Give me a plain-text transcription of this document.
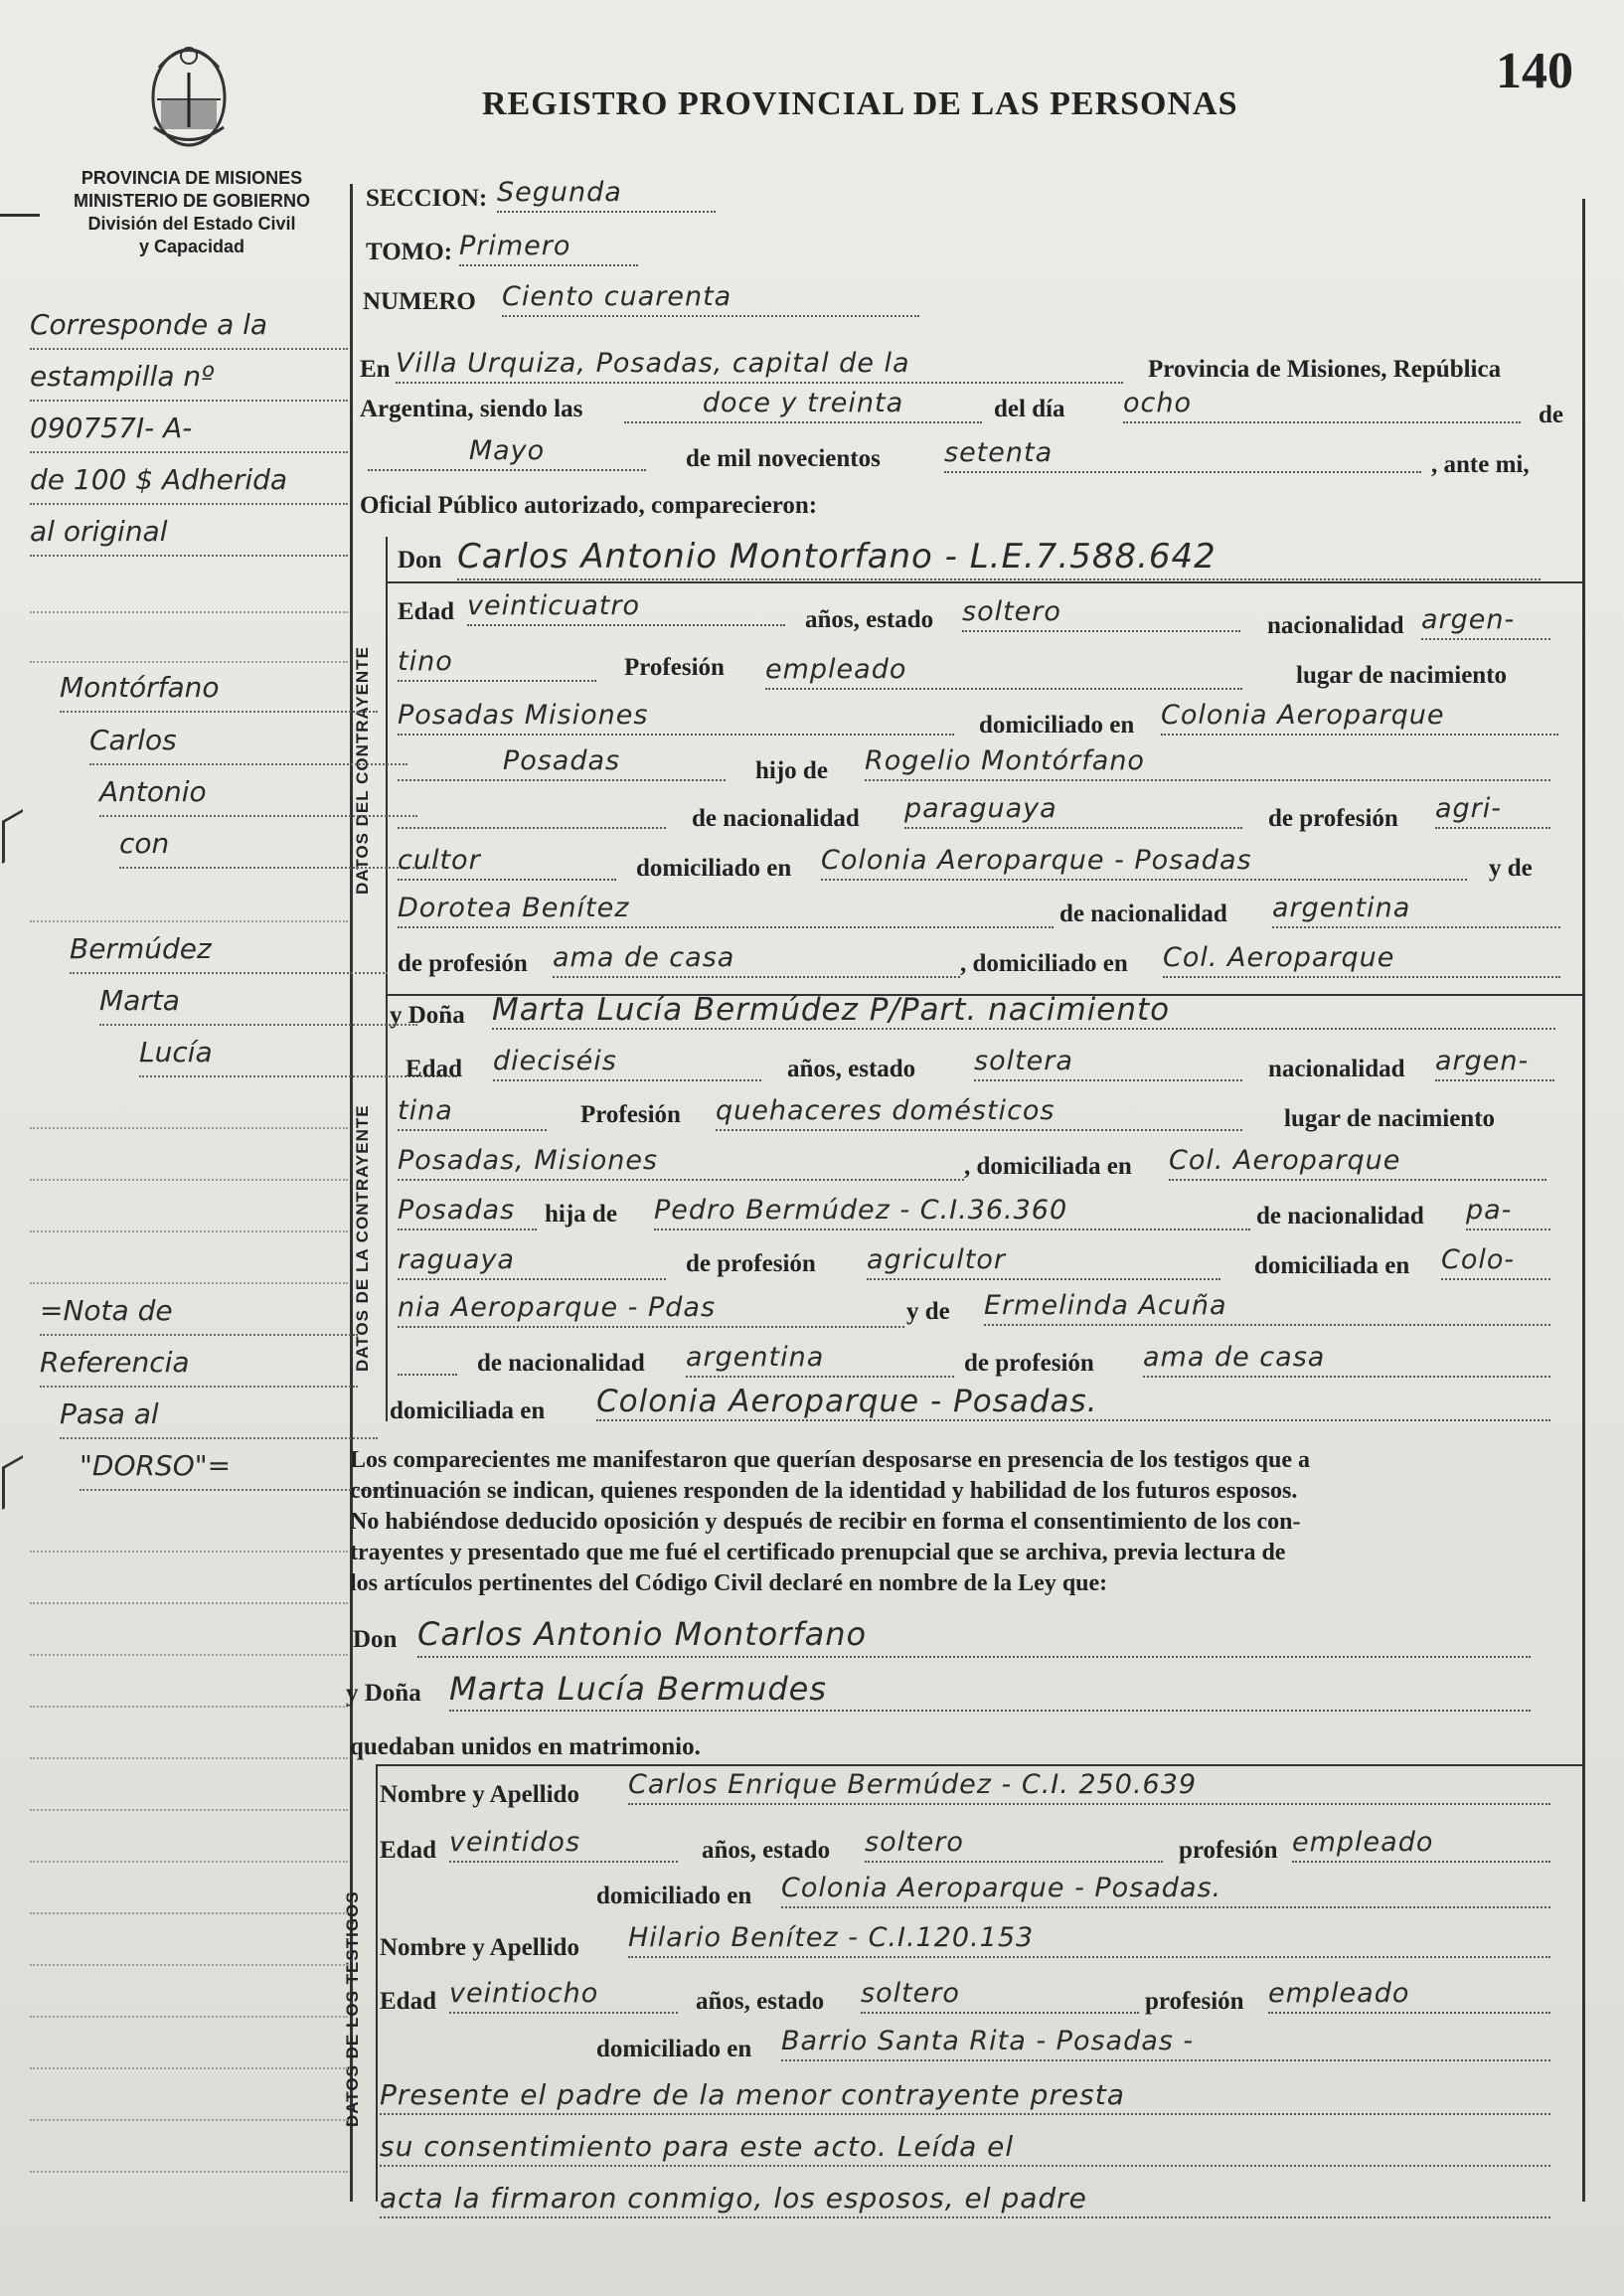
REGISTRO PROVINCIAL DE LAS PERSONAS
140
PROVINCIA DE MISIONES
MINISTERIO DE GOBIERNO
División del Estado Civil
y Capacidad
DATOS DEL CONTRAYENTE
DATOS DE LA CONTRAYENTE
DATOS DE LOS TESTIGOS
Corresponde a la
estampilla nº
090757I- A-
de 100 $ Adherida
al original
Montórfano
Carlos
Antonio
con
Bermúdez
Marta
Lucía
=Nota de
Referencia
Pasa al
"DORSO"=
SECCION: Segunda
TOMO: Primero
NUMERO Ciento cuarenta
En Villa Urquiza, Posadas, capital de la	Provincia de Misiones, República
Argentina, siendo las	doce y treinta	del día ocho	de
Mayo	de mil novecientos setenta	, ante mi,
Oficial Público autorizado, comparecieron:
Don Carlos Antonio Montorfano - L.E.7.588.642
Edad veinticuatro	años, estado soltero	nacionalidad argen-
tino	Profesión empleado	lugar de nacimiento
Posadas Misiones	domiciliado en Colonia Aeroparque
Posadas	hijo de Rogelio Montórfano
de nacionalidad paraguaya	de profesión agri-
cultor	domiciliado en Colonia Aeroparque - Posadas	y de
Dorotea Benítez	de nacionalidad argentina
de profesión ama de casa	, domiciliado en Col. Aeroparque
y Doña Marta Lucía Bermúdez P/Part. nacimiento
Edad dieciséis	años, estado soltera	nacionalidad argen-
tina	Profesión quehaceres domésticos	lugar de nacimiento
Posadas, Misiones	, domiciliada en Col. Aeroparque
Posadas	hija de Pedro Bermúdez - C.I.36.360	de nacionalidad pa-
raguaya	de profesión agricultor	domiciliada en Colo-
nia Aeroparque - Pdas	y de Ermelinda Acuña
de nacionalidad argentina	de profesión ama de casa
domiciliada en Colonia Aeroparque - Posadas.
Los comparecientes me manifestaron que querían desposarse en presencia de los testigos que a
continuación se indican, quienes responden de la identidad y habilidad de los futuros esposos.
No habiéndose deducido oposición y después de recibir en forma el consentimiento de los con-
trayentes y presentado que me fué el certificado prenupcial que se archiva, previa lectura de
los artículos pertinentes del Código Civil declaré en nombre de la Ley que:
Don Carlos Antonio Montorfano
y Doña Marta Lucía Bermudes
quedaban unidos en matrimonio.
Nombre y Apellido Carlos Enrique Bermúdez - C.I. 250.639
Edad veintidos	años, estado soltero	profesión empleado
domiciliado en Colonia Aeroparque - Posadas.
Nombre y Apellido Hilario Benítez - C.I.120.153
Edad veintiocho	años, estado soltero	profesión empleado
domiciliado en Barrio Santa Rita - Posadas -
Presente el padre de la menor contrayente presta
su consentimiento para este acto. Leída el
acta la firmaron conmigo, los esposos, el padre
